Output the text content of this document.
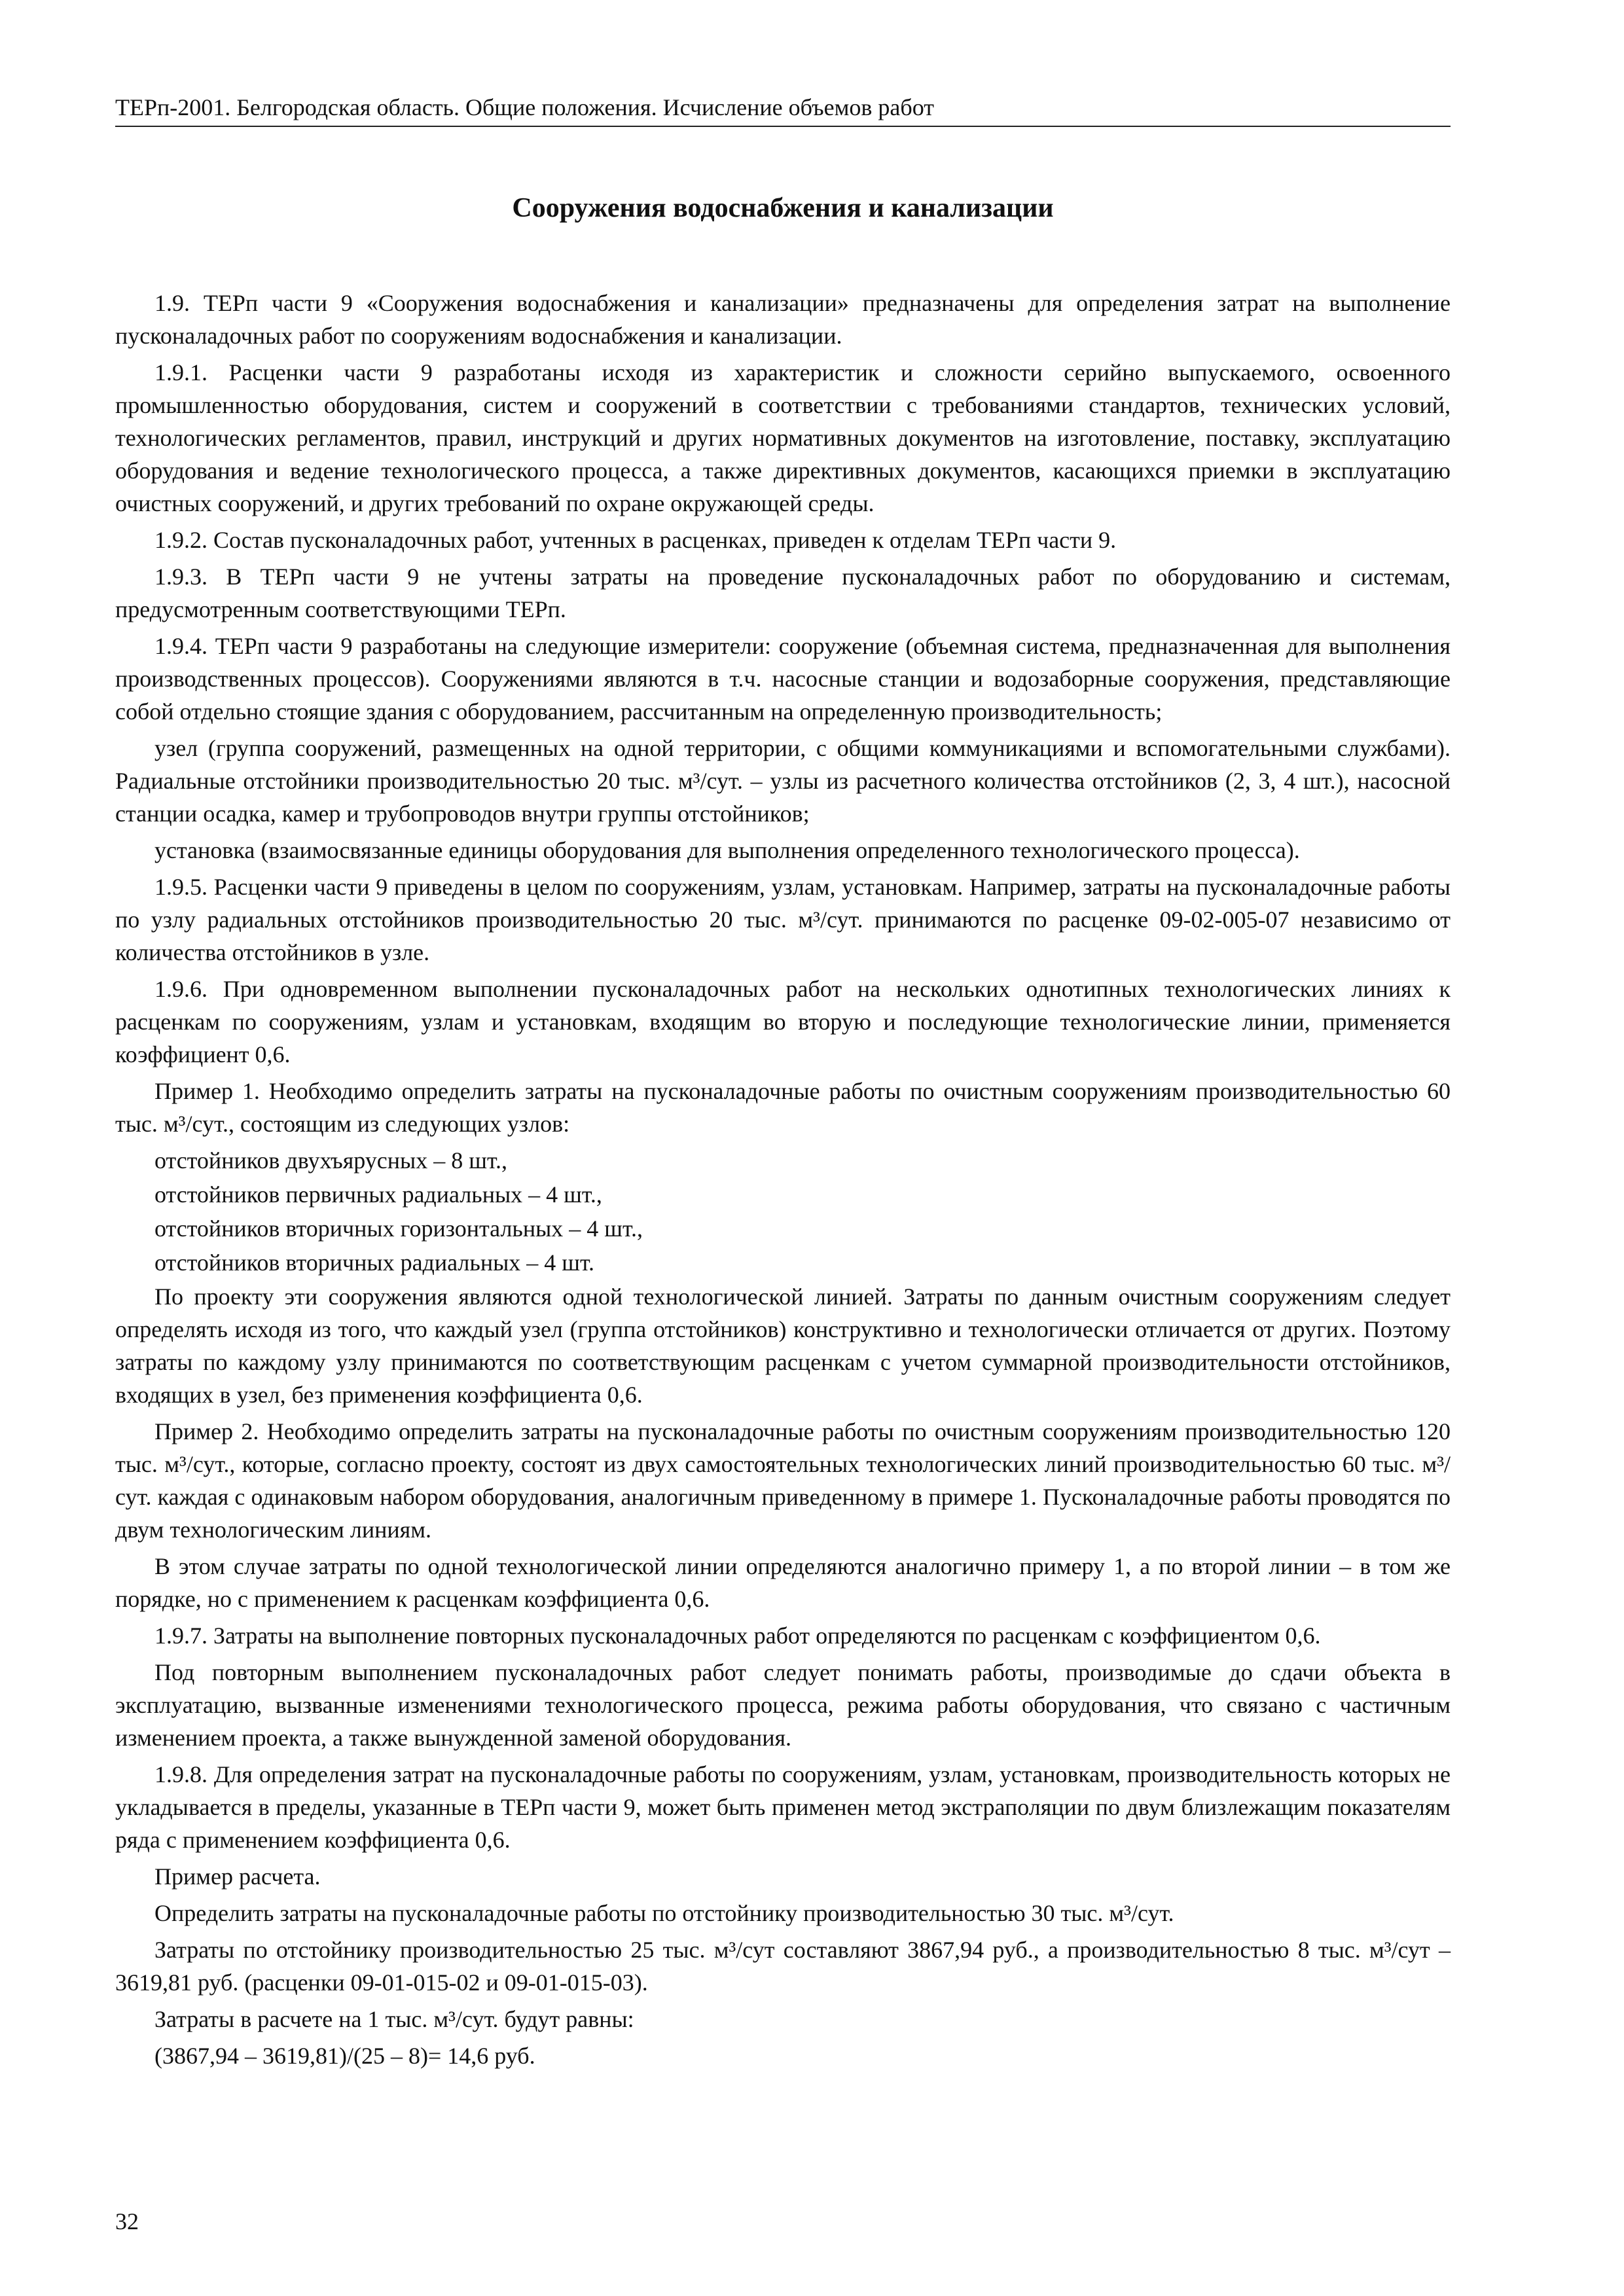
ТЕРп-2001. Белгородская область. Общие положения. Исчисление объемов работ
Сооружения водоснабжения и канализации

1.9. ТЕРп части 9 «Сооружения водоснабжения и канализации» предназначены для определения затрат на выполнение пусконаладочных работ по сооружениям водоснабжения и канализации.

1.9.1. Расценки части 9 разработаны исходя из характеристик и сложности серийно выпускаемого, освоенного промышленностью оборудования, систем и сооружений в соответствии с требованиями стандартов, технических условий, технологических регламентов, правил, инструкций и других нормативных документов на изготовление, поставку, эксплуатацию оборудования и ведение технологического процесса, а также директивных документов, касающихся приемки в эксплуатацию очистных сооружений, и других требований по охране окружающей среды.

1.9.2. Состав пусконаладочных работ, учтенных в расценках, приведен к отделам ТЕРп части 9.

1.9.3. В ТЕРп части 9 не учтены затраты на проведение пусконаладочных работ по оборудованию и системам, предусмотренным соответствующими ТЕРп.

1.9.4. ТЕРп части 9 разработаны на следующие измерители: сооружение (объемная система, предназначенная для выполнения производственных процессов). Сооружениями являются в т.ч. насосные станции и водозаборные сооружения, представляющие собой отдельно стоящие здания с оборудованием, рассчитанным на определенную производительность;

узел (группа сооружений, размещенных на одной территории, с общими коммуникациями и вспомогательными службами). Радиальные отстойники производительностью 20 тыс. м³/сут. – узлы из расчетного количества отстойников (2, 3, 4 шт.), насосной станции осадка, камер и трубопроводов внутри группы отстойников;

установка (взаимосвязанные единицы оборудования для выполнения определенного технологического процесса).

1.9.5. Расценки части 9 приведены в целом по сооружениям, узлам, установкам. Например, затраты на пусконаладочные работы по узлу радиальных отстойников производительностью 20 тыс. м³/сут. принимаются по расценке 09-02-005-07 независимо от количества отстойников в узле.

1.9.6. При одновременном выполнении пусконаладочных работ на нескольких однотипных технологических линиях к расценкам по сооружениям, узлам и установкам, входящим во вторую и последующие технологические линии, применяется коэффициент 0,6.

Пример 1. Необходимо определить затраты на пусконаладочные работы по очистным сооружениям производительностью 60 тыс. м³/сут., состоящим из следующих узлов:

отстойников двухъярусных – 8 шт.,

отстойников первичных радиальных – 4 шт.,

отстойников вторичных горизонтальных – 4 шт.,

отстойников вторичных радиальных – 4 шт.

По проекту эти сооружения являются одной технологической линией. Затраты по данным очистным сооружениям следует определять исходя из того, что каждый узел (группа отстойников) конструктивно и технологически отличается от других. Поэтому затраты по каждому узлу принимаются по соответствующим расценкам с учетом суммарной производительности отстойников, входящих в узел, без применения коэффициента 0,6.

Пример 2. Необходимо определить затраты на пусконаладочные работы по очистным сооружениям производительностью 120 тыс. м³/сут., которые, согласно проекту, состоят из двух самостоятельных технологических линий производительностью 60 тыс. м³/сут. каждая с одинаковым набором оборудования, аналогичным приведенному в примере 1. Пусконаладочные работы проводятся по двум технологическим линиям.

В этом случае затраты по одной технологической линии определяются аналогично примеру 1, а по второй линии – в том же порядке, но с применением к расценкам коэффициента 0,6.

1.9.7. Затраты на выполнение повторных пусконаладочных работ определяются по расценкам с коэффициентом 0,6.

Под повторным выполнением пусконаладочных работ следует понимать работы, производимые до сдачи объекта в эксплуатацию, вызванные изменениями технологического процесса, режима работы оборудования, что связано с частичным изменением проекта, а также вынужденной заменой оборудования.

1.9.8. Для определения затрат на пусконаладочные работы по сооружениям, узлам, установкам, производительность которых не укладывается в пределы, указанные в ТЕРп части 9, может быть применен метод экстраполяции по двум близлежащим показателям ряда с применением коэффициента 0,6.

Пример расчета.

Определить затраты на пусконаладочные работы по отстойнику производительностью 30 тыс. м³/сут.

Затраты по отстойнику производительностью 25 тыс. м³/сут составляют 3867,94 руб., а производительностью 8 тыс. м³/сут – 3619,81 руб. (расценки 09-01-015-02 и 09-01-015-03).

Затраты в расчете на 1 тыс. м³/сут. будут равны:

(3867,94 – 3619,81)/(25 – 8)= 14,6 руб.

32
